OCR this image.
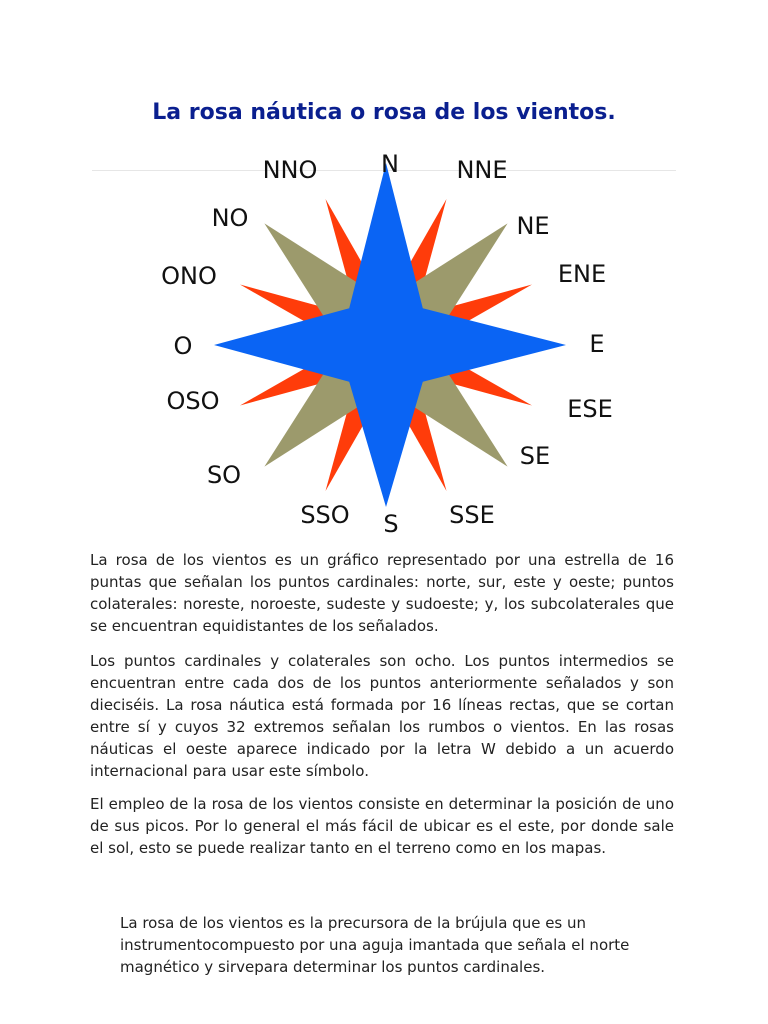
La rosa náutica o rosa de los vientos.
NNO	N NNE
NO	NE
ONO	ENE
O	E
OSO	ESE
SO
SE
SSO S SSE

La rosa de los vientos es un gráfico representado por una estrella de 16 puntas que señalan los puntos cardinales: norte, sur, este y oeste; puntos colaterales: noreste, noroeste, sudeste y sudoeste; y, los subcolaterales que se encuentran equidistantes de los señalados.

Los puntos cardinales y colaterales son ocho. Los puntos intermedios se encuentran entre cada dos de los puntos anteriormente señalados y son dieciséis. La rosa náutica está formada por 16 líneas rectas, que se cortan entre sí y cuyos 32 extremos señalan los rumbos o vientos. En las rosas náuticas el oeste aparece indicado por la letra W debido a un acuerdo internacional para usar este símbolo.

El empleo de la rosa de los vientos consiste en determinar la posición de uno de sus picos. Por lo general el más fácil de ubicar es el este, por donde sale el sol, esto se puede realizar tanto en el terreno como en los mapas.

La rosa de los vientos es la precursora de la brújula que es un instrumentocompuesto por una aguja imantada que señala el norte magnético y sirvepara determinar los puntos cardinales.
